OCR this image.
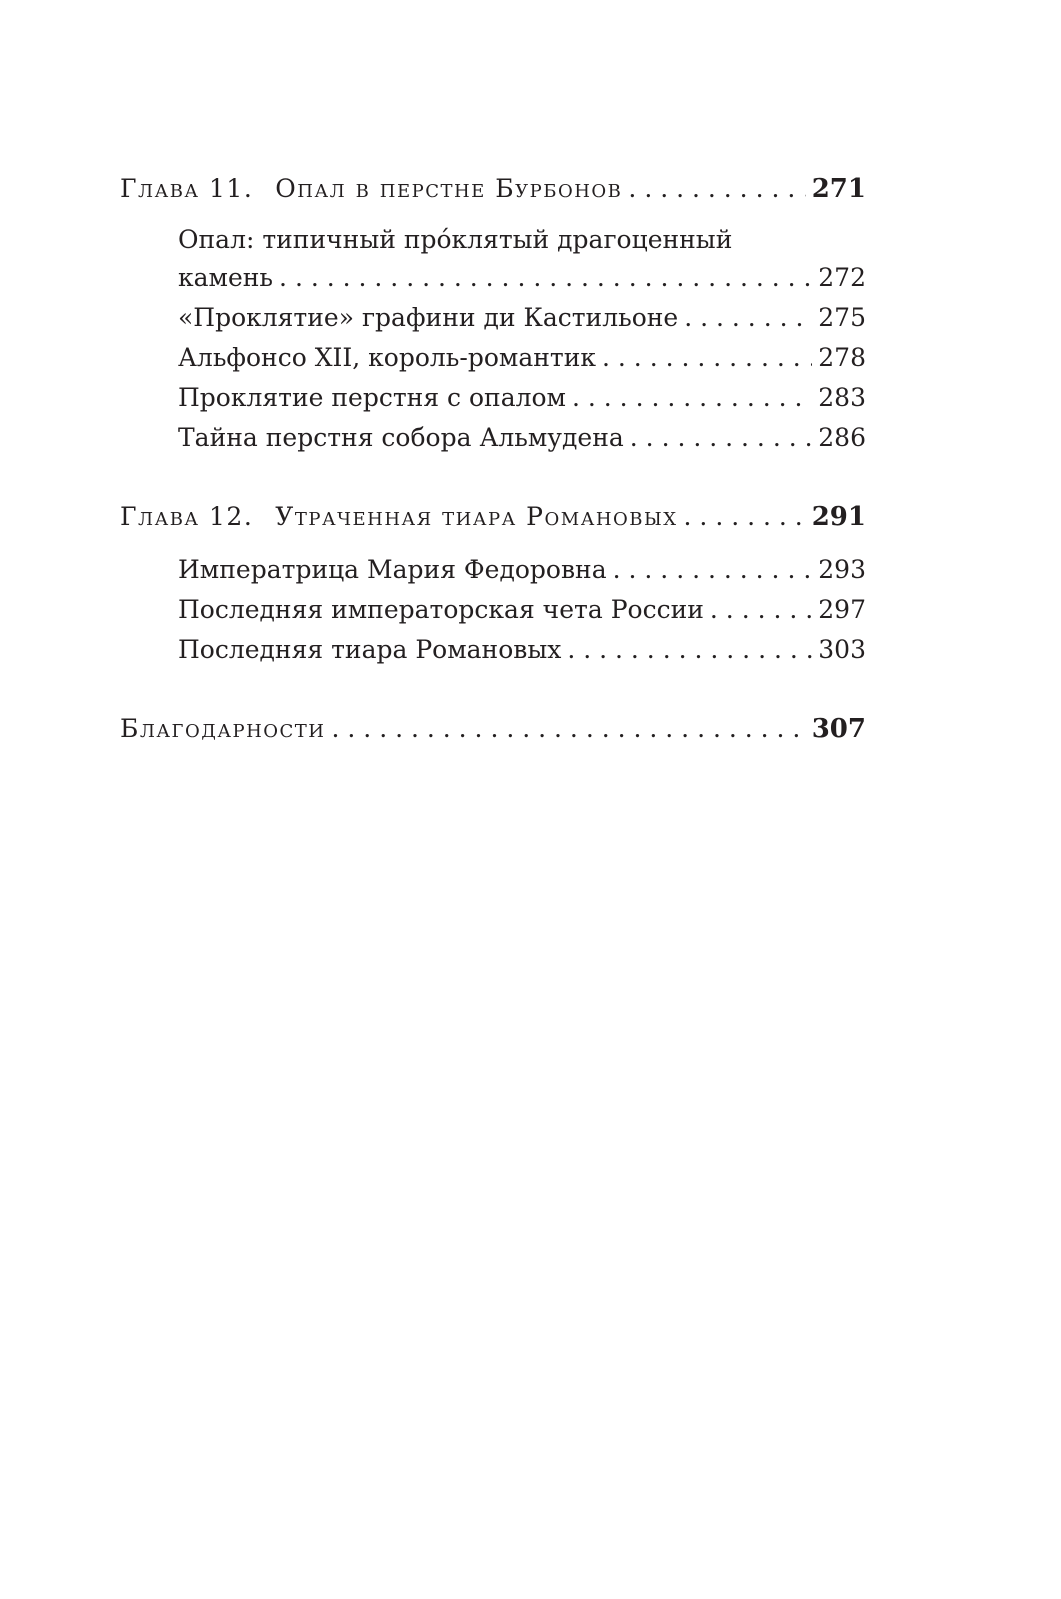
Глава 11. Опал в перстне Бурбонов . . .	271
Опал: типичный прóклятый драгоценный
камень . . .	272
«Проклятие» графини ди Кастильоне . . .	275
Альфонсо XII, король-романтик . . .	278
Проклятие перстня с опалом . . .	283
Тайна перстня собора Альмудена . . .	286
Глава 12. Утраченная тиара Романовых . . .	291
Императрица Мария Федоровна . . .	293
Последняя императорская чета России . . .	297
Последняя тиара Романовых . . .	303
Благодарности . . .	307
